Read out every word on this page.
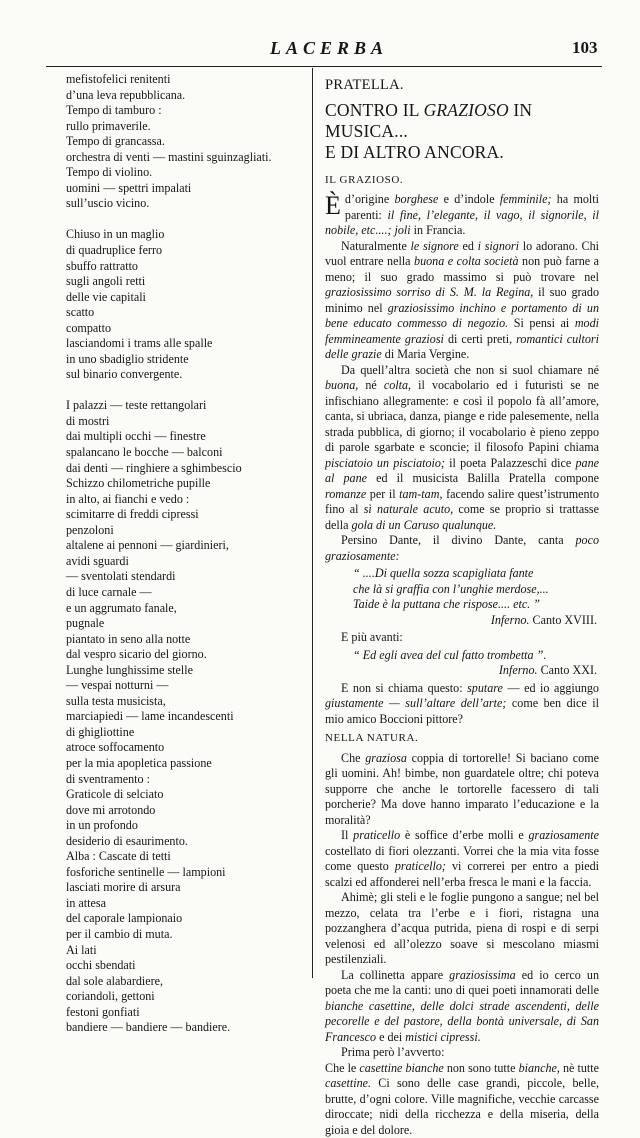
LACERBA	103
mefistofelici renitenti
d’una leva repubblicana.
Tempo di tamburo :
rullo primaverile.
Tempo di grancassa.
orchestra di venti — mastini sguinzagliati.
Tempo di violino.
uomini — spettri impalati
sull’uscio vicino.
Chiuso in un maglio
di quadruplice ferro
sbuffo rattratto
sugli angoli retti
delle vie capitali
scatto
compatto
lasciandomi i trams alle spalle
in uno sbadiglio stridente
sul binario convergente.
I palazzi — teste rettangolari
di mostri
dai multipli occhi — finestre
spalancano le bocche — balconi
dai denti — ringhiere a sghimbescio
Schizzo chilometriche pupille
in alto, ai fianchi e vedo :
scimitarre di freddi cipressi
penzoloni
altalene ai pennoni — giardinieri,
avidi sguardi
— sventolati stendardi
di luce carnale —
e un aggrumato fanale,
pugnale
piantato in seno alla notte
dal vespro sicario del giorno.
Lunghe lunghissime stelle
— vespai notturni —
sulla testa musicista,
marciapiedi — lame incandescenti
di ghigliottine
atroce soffocamento
per la mia apopletica passione
di sventramento :
Graticole di selciato
dove mi arrotondo
in un profondo
desiderio di esaurimento.
Alba : Cascate di tetti
fosforiche sentinelle — lampioni
lasciati morire di arsura
in attesa
del caporale lampionaio
per il cambio di muta.
Ai lati
occhi sbendati
dal sole alabardiere,
coriandoli, gettoni
festoni gonfiati
bandiere — bandiere — bandiere.
PRATELLA.
CONTRO IL GRAZIOSO IN MUSICA...
E DI ALTRO ANCORA.
IL GRAZIOSO.

È d’origine borghese e d’indole femminile; ha molti parenti: il fine, l’elegante, il vago, il signorile, il nobile, etc....; joli in Francia.

Naturalmente le signore ed i signori lo adorano. Chi vuol entrare nella buona e colta società non può farne a meno; il suo grado massimo si può trovare nel graziosissimo sorriso di S. M. la Regina, il suo grado minimo nel graziosissimo inchino e portamento di un bene educato commesso di negozio. Si pensi ai modi femmineamente graziosi di certi preti, romantici cultori delle grazie di Maria Vergine.

Da quell’altra società che non si suol chiamare né buona, né colta, il vocabolario ed i futuristi se ne infischiano allegramente: e così il popolo fà all’amore, canta, si ubriaca, danza, piange e ride palesemente, nella strada pubblica, di giorno; il vocabolario è pieno zeppo di parole sgarbate e sconcie; il filosofo Papini chiama pisciatoio un pisciatoio; il poeta Palazzeschi dice pane al pane ed il musicista Balilla Pratella compone romanze per il tam-tam, facendo salire quest’istrumento fino al sì naturale acuto, come se proprio si trattasse della gola di un Caruso qualunque.

Persino Dante, il divino Dante, canta poco graziosamente:

“ ....Di quella sozza scapigliata fante
che là si graffia con l’unghie merdose,...
Taide è la puttana che rispose.... etc. ”
Inferno. Canto XVIII.

E più avanti:

“ Ed egli avea del cul fatto trombetta ”.
Inferno. Canto XXI.

E non si chiama questo: sputare — ed io aggiungo giustamente — sull’altare dell’arte; come ben dice il mio amico Boccioni pittore?

NELLA NATURA.

Che graziosa coppia di tortorelle! Si baciano come gli uomini. Ah! bimbe, non guardatele oltre; chi poteva supporre che anche le tortorelle facessero di tali porcherie? Ma dove hanno imparato l’educazione e la moralità?

Il praticello è soffice d’erbe molli e graziosamente costellato di fiori olezzanti. Vorrei che la mia vita fosse come questo praticello; vi correrei per entro a piedi scalzi ed affonderei nell’erba fresca le mani e la faccia.

Ahimè; gli steli e le foglie pungono a sangue; nel bel mezzo, celata tra l’erbe e i fiori, ristagna una pozzanghera d’acqua putrida, piena di rospi e di serpi velenosi ed all’olezzo soave si mescolano miasmi pestilenziali.

La collinetta appare graziosissima ed io cerco un poeta che me la canti: uno di quei poeti innamorati delle bianche casettine, delle dolci strade ascendenti, delle pecorelle e del pastore, della bontà universale, di San Francesco e dei mistici cipressi.

Prima però l’avverto:

Che le casettine bianche non sono tutte bianche, nè tutte casettine. Ci sono delle case grandi, piccole, belle, brutte, d’ogni colore. Ville magnifiche, vecchie carcasse diroccate; nidi della ricchezza e della miseria, della gioia e del dolore.
